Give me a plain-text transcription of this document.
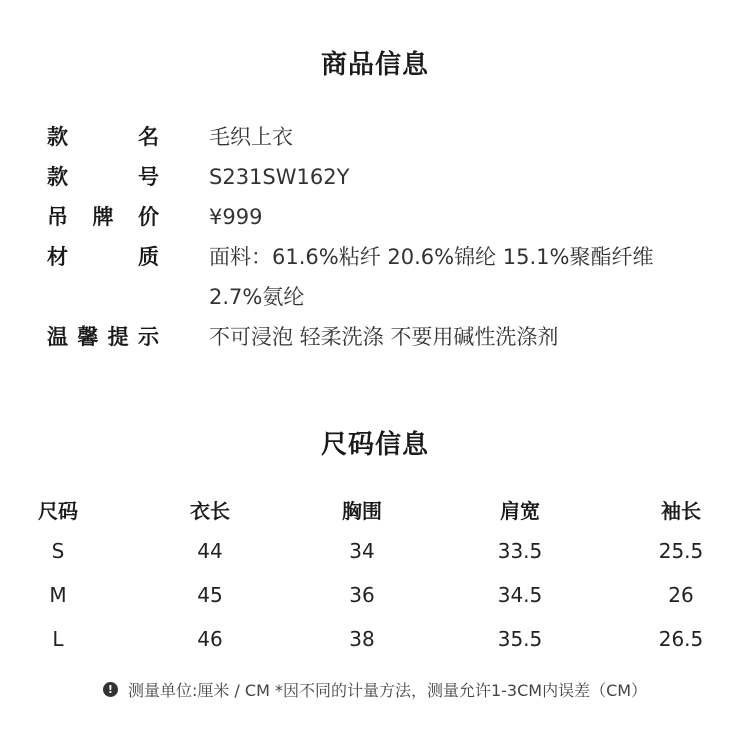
商品信息
款	名 毛织上衣
款	号 S231SW162Y
吊 牌 价 ¥999
材	质 面料：61.6%粘纤 20.6%锦纶 15.1%聚酯纤维 2.7%氨纶
温 馨 提 示 不可浸泡 轻柔洗涤 不要用碱性洗涤剂
尺码信息
尺码	衣长	胸围	肩宽	袖长
S	44	34	33.5	25.5
M	45	36	34.5	26
L	46	38	35.5	26.5
! 测量单位:厘米 / CM *因不同的计量方法，测量允许1-3CM内误差（CM）
